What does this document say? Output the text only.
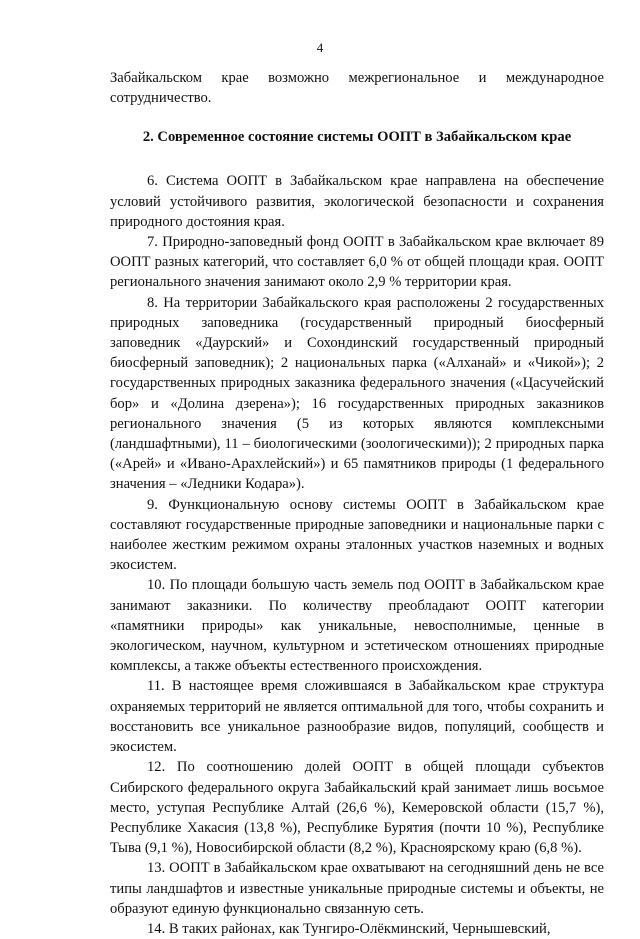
4

Забайкальском крае возможно межрегиональное и международное сотрудничество.

2. Современное состояние системы ООПТ в Забайкальском крае

6. Система ООПТ в Забайкальском крае направлена на обеспечение условий устойчивого развития, экологической безопасности и сохранения природного достояния края.

7. Природно-заповедный фонд ООПТ в Забайкальском крае включает 89 ООПТ разных категорий, что составляет 6,0 % от общей площади края. ООПТ регионального значения занимают около 2,9 % территории края.

8. На территории Забайкальского края расположены 2 государственных природных заповедника (государственный природный биосферный заповедник «Даурский» и Сохондинский государственный природный биосферный заповедник); 2 национальных парка («Алханай» и «Чикой»); 2 государственных природных заказника федерального значения («Цасучейский бор» и «Долина дзерена»); 16 государственных природных заказников регионального значения (5 из которых являются комплексными (ландшафтными), 11 – биологическими (зоологическими)); 2 природных парка («Арей» и «Ивано-Арахлейский») и 65 памятников природы (1 федерального значения – «Ледники Кодара»).

9. Функциональную основу системы ООПТ в Забайкальском крае составляют государственные природные заповедники и национальные парки с наиболее жестким режимом охраны эталонных участков наземных и водных экосистем.

10. По площади большую часть земель под ООПТ в Забайкальском крае занимают заказники. По количеству преобладают ООПТ категории «памятники природы» как уникальные, невосполнимые, ценные в экологическом, научном, культурном и эстетическом отношениях природные комплексы, а также объекты естественного происхождения.

11. В настоящее время сложившаяся в Забайкальском крае структура охраняемых территорий не является оптимальной для того, чтобы сохранить и восстановить все уникальное разнообразие видов, популяций, сообществ и экосистем.

12. По соотношению долей ООПТ в общей площади субъектов Сибирского федерального округа Забайкальский край занимает лишь восьмое место, уступая Республике Алтай (26,6 %), Кемеровской области (15,7 %), Республике Хакасия (13,8 %), Республике Бурятия (почти 10 %), Республике Тыва (9,1 %), Новосибирской области (8,2 %), Красноярскому краю (6,8 %).

13. ООПТ в Забайкальском крае охватывают на сегодняшний день не все типы ландшафтов и известные уникальные природные системы и объекты, не образуют единую функционально связанную сеть.

14. В таких районах, как Тунгиро-Олёкминский, Чернышевский,
